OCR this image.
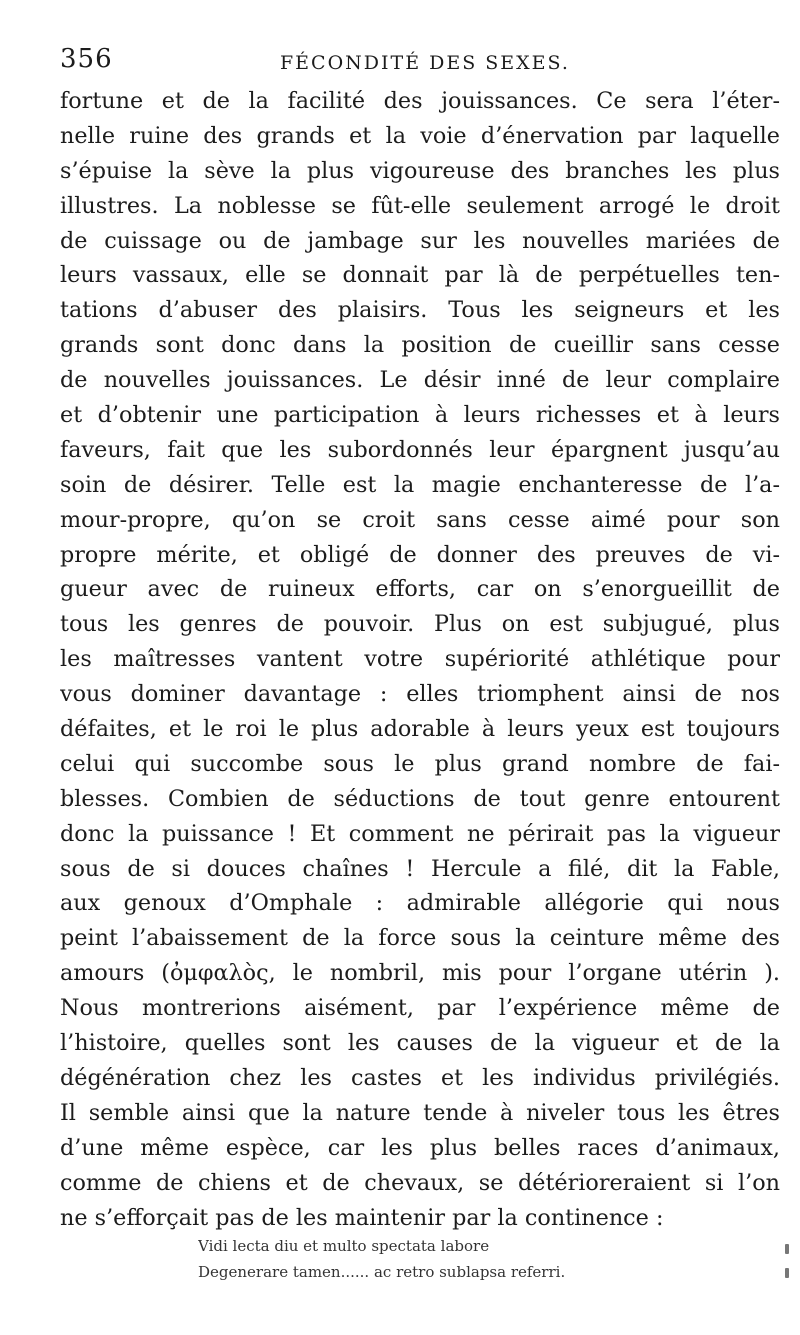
356	FÉCONDITÉ DES SEXES.
fortune et de la facilité des jouissances. Ce sera l’éter-
nelle ruine des grands et la voie d’énervation par laquelle
s’épuise la sève la plus vigoureuse des branches les plus
illustres. La noblesse se fût-elle seulement arrogé le droit
de cuissage ou de jambage sur les nouvelles mariées de
leurs vassaux, elle se donnait par là de perpétuelles ten-
tations d’abuser des plaisirs. Tous les seigneurs et les
grands sont donc dans la position de cueillir sans cesse
de nouvelles jouissances. Le désir inné de leur complaire
et d’obtenir une participation à leurs richesses et à leurs
faveurs, fait que les subordonnés leur épargnent jusqu’au
soin de désirer. Telle est la magie enchanteresse de l’a-
mour-propre, qu’on se croit sans cesse aimé pour son
propre mérite, et obligé de donner des preuves de vi-
gueur avec de ruineux efforts, car on s’enorgueillit de
tous les genres de pouvoir. Plus on est subjugué, plus
les maîtresses vantent votre supériorité athlétique pour
vous dominer davantage : elles triomphent ainsi de nos
défaites, et le roi le plus adorable à leurs yeux est toujours
celui qui succombe sous le plus grand nombre de fai-
blesses. Combien de séductions de tout genre entourent
donc la puissance ! Et comment ne périrait pas la vigueur
sous de si douces chaînes ! Hercule a filé, dit la Fable,
aux genoux d’Omphale : admirable allégorie qui nous
peint l’abaissement de la force sous la ceinture même des
amours (ὀμφαλὸς, le nombril, mis pour l’organe utérin ).
Nous montrerions aisément, par l’expérience même de
l’histoire, quelles sont les causes de la vigueur et de la
dégénération chez les castes et les individus privilégiés.
Il semble ainsi que la nature tende à niveler tous les êtres
d’une même espèce, car les plus belles races d’animaux,
comme de chiens et de chevaux, se détérioreraient si l’on
ne s’efforçait pas de les maintenir par la continence :
Vidi lecta diu et multo spectata labore
Degenerare tamen...... ac retro sublapsa referri.
